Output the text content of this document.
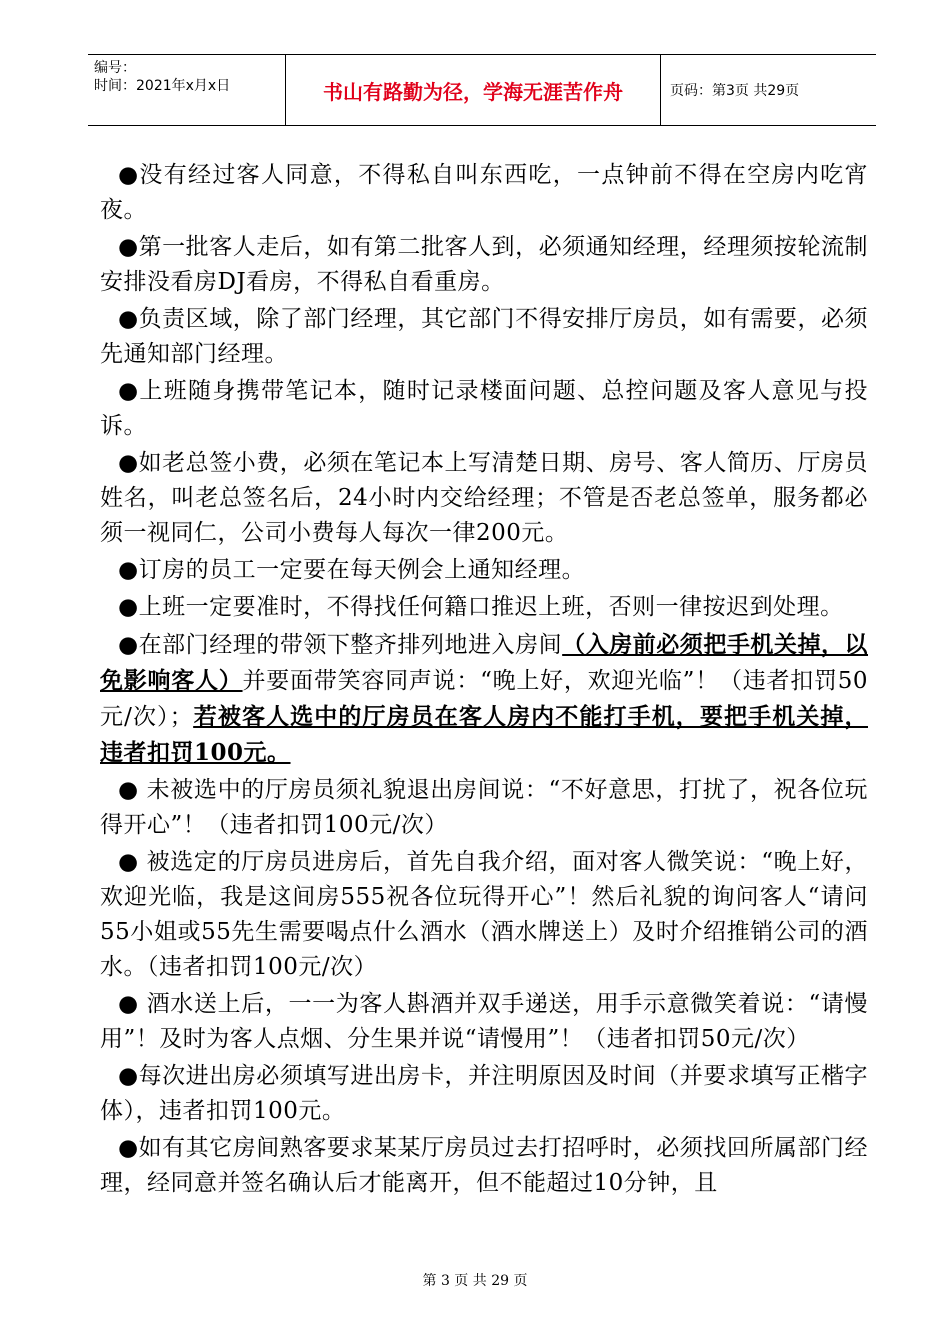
编号：
时间：2021年x月x日	书山有路勤为径，学海无涯苦作舟	页码：第3页 共29页

●没有经过客人同意，不得私自叫东西吃，一点钟前不得在空房内吃宵夜。

●第一批客人走后，如有第二批客人到，必须通知经理，经理须按轮流制安排没看房DJ看房，不得私自看重房。

●负责区域，除了部门经理，其它部门不得安排厅房员，如有需要，必须先通知部门经理。

●上班随身携带笔记本，随时记录楼面问题、总控问题及客人意见与投诉。

●如老总签小费，必须在笔记本上写清楚日期、房号、客人简历、厅房员姓名，叫老总签名后，24小时内交给经理；不管是否老总签单，服务都必须一视同仁，公司小费每人每次一律200元。

●订房的员工一定要在每天例会上通知经理。

●上班一定要准时，不得找任何籍口推迟上班，否则一律按迟到处理。

●在部门经理的带领下整齐排列地进入房间（入房前必须把手机关掉，以免影响客人）并要面带笑容同声说：“晚上好，欢迎光临”！（违者扣罚50元/次）；若被客人选中的厅房员在客人房内不能打手机，要把手机关掉，违者扣罚100元。

● 未被选中的厅房员须礼貌退出房间说：“不好意思，打扰了，祝各位玩得开心”！（违者扣罚100元/次）

● 被选定的厅房员进房后，首先自我介绍，面对客人微笑说：“晚上好，欢迎光临，我是这间房555祝各位玩得开心”！然后礼貌的询问客人“请问55小姐或55先生需要喝点什么酒水（酒水牌送上）及时介绍推销公司的酒水。（违者扣罚100元/次）

● 酒水送上后，一一为客人斟酒并双手递送，用手示意微笑着说：“请慢用”！及时为客人点烟、分生果并说“请慢用”！（违者扣罚50元/次）

●每次进出房必须填写进出房卡，并注明原因及时间（并要求填写正楷字体），违者扣罚100元。

●如有其它房间熟客要求某某厅房员过去打招呼时，必须找回所属部门经理，经同意并签名确认后才能离开，但不能超过10分钟，且

第 3 页 共 29 页
